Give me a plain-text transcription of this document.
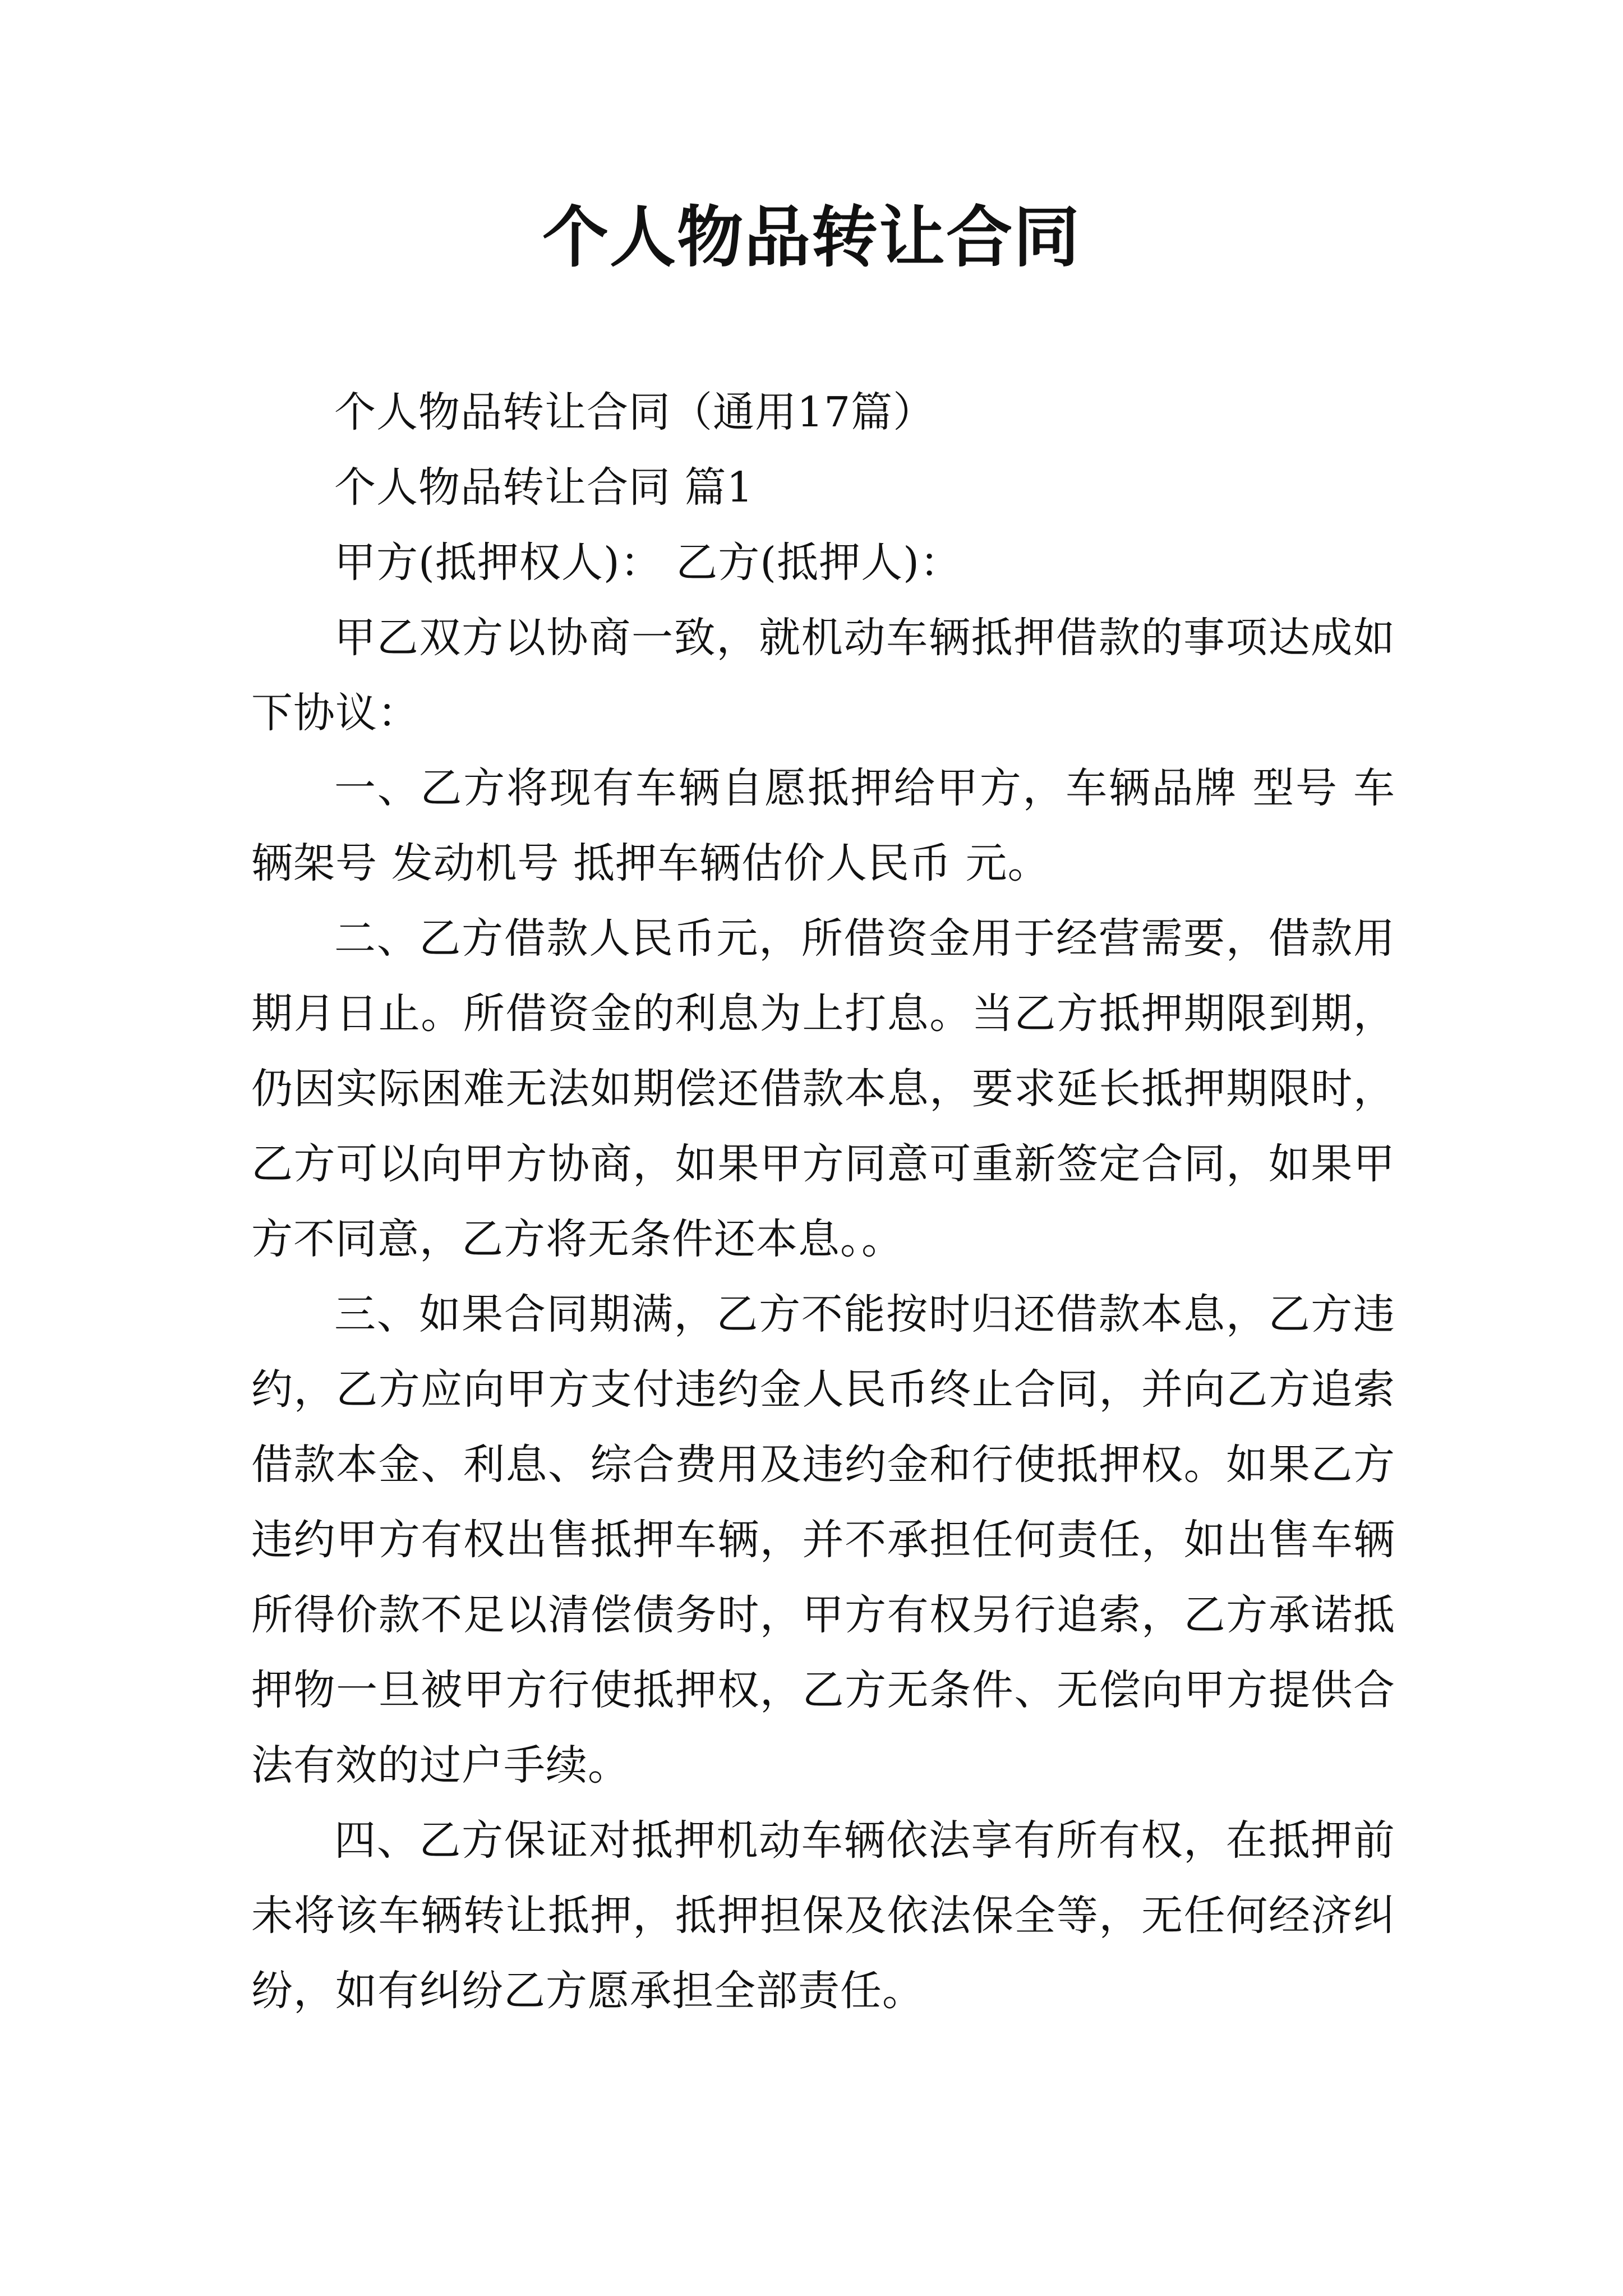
个人物品转让合同

个人物品转让合同（通用17篇）

个人物品转让合同 篇1

甲方(抵押权人)： 乙方(抵押人)：

甲乙双方以协商一致，就机动车辆抵押借款的事项达成如下协议：

一、乙方将现有车辆自愿抵押给甲方，车辆品牌 型号 车辆架号 发动机号 抵押车辆估价人民币 元。

二、乙方借款人民币元，所借资金用于经营需要，借款用期月日止。所借资金的利息为上打息。当乙方抵押期限到期，仍因实际困难无法如期偿还借款本息，要求延长抵押期限时，乙方可以向甲方协商，如果甲方同意可重新签定合同，如果甲方不同意，乙方将无条件还本息。。

三、如果合同期满，乙方不能按时归还借款本息，乙方违约，乙方应向甲方支付违约金人民币终止合同，并向乙方追索借款本金、利息、综合费用及违约金和行使抵押权。如果乙方违约甲方有权出售抵押车辆，并不承担任何责任，如出售车辆所得价款不足以清偿债务时，甲方有权另行追索，乙方承诺抵押物一旦被甲方行使抵押权，乙方无条件、无偿向甲方提供合法有效的过户手续。

四、乙方保证对抵押机动车辆依法享有所有权，在抵押前未将该车辆转让抵押，抵押担保及依法保全等，无任何经济纠纷，如有纠纷乙方愿承担全部责任。
